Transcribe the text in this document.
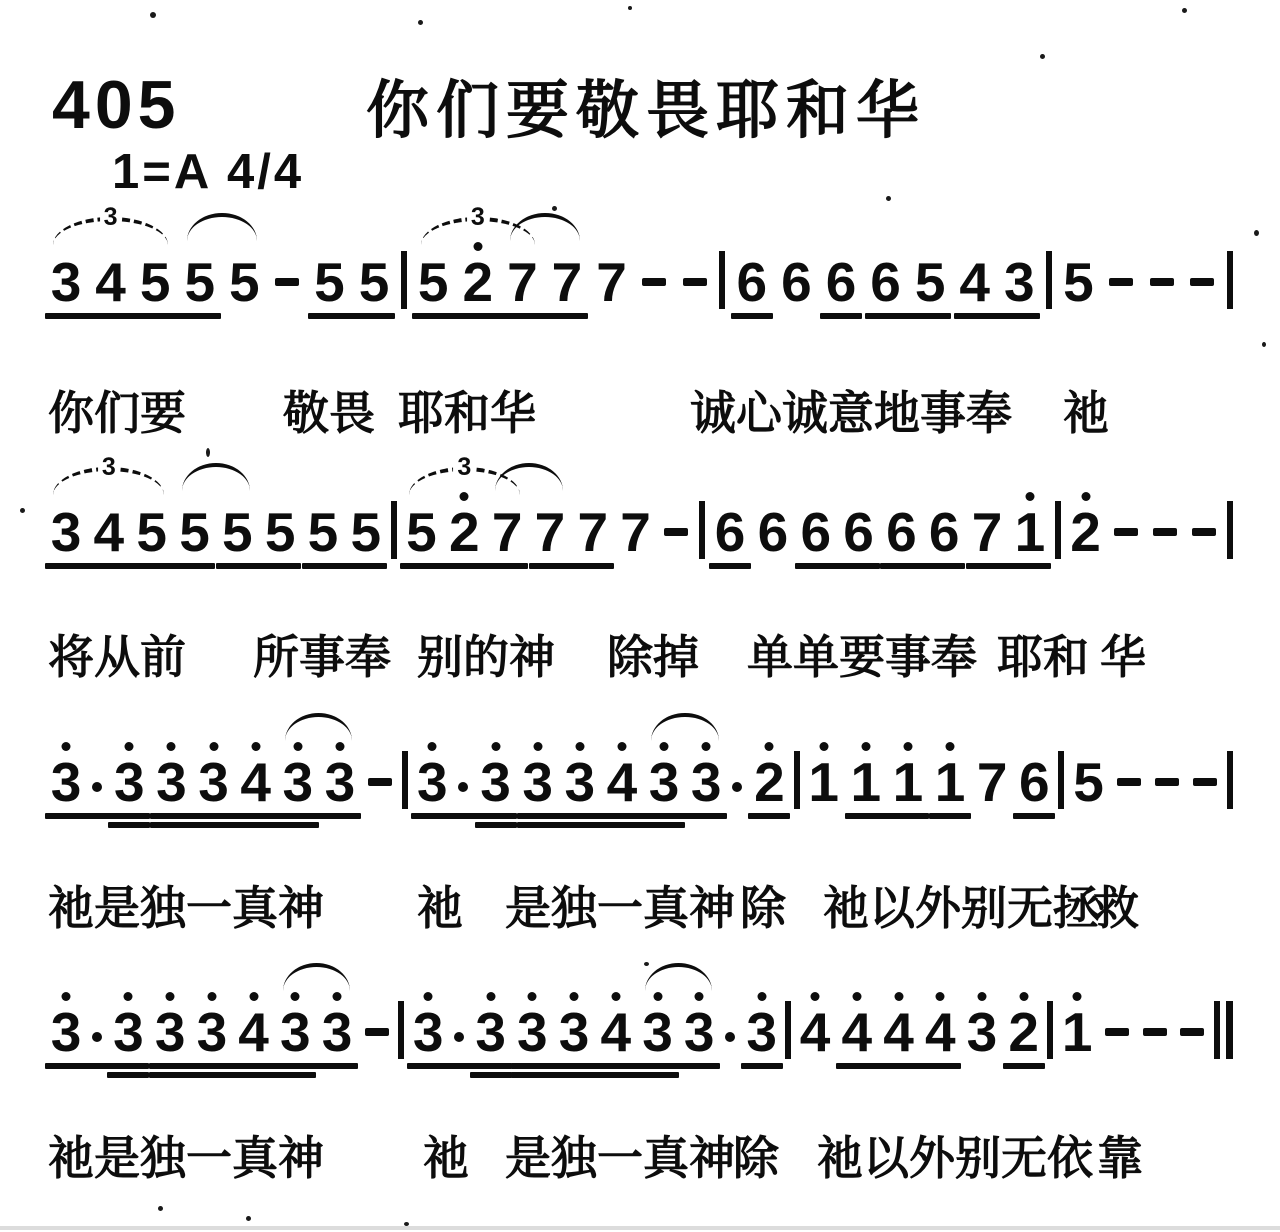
405	你们要敬畏耶和华
1=A 4/4
3 4 5 5 5 5 5 5 2 7 7 7 6 6 6 6 5 4 3 5
3	3
3 4 5 5 5 5 5 5 5 2 7 7 7 7 6 6 6 6 6 6 7 1 2
3	3
3 3 3 3 4 3 3 3 3 3 3 4 3 3 2 1 1 1 1 7 6 5
3 3 3 3 4 3 3 3 3 3 3 4 3 3 3 4 4 4 4 3 2 1
你们要 敬畏 耶和华	诚心诚意地事奉 祂
将从前 所事奉 别的神 除掉 单单要事奉 耶和 华
祂是独一真神 祂 是独一真神 除 祂以外别无拯
救
祂是独一真神 祂 是独一真神
除 祂以外别无依 靠
